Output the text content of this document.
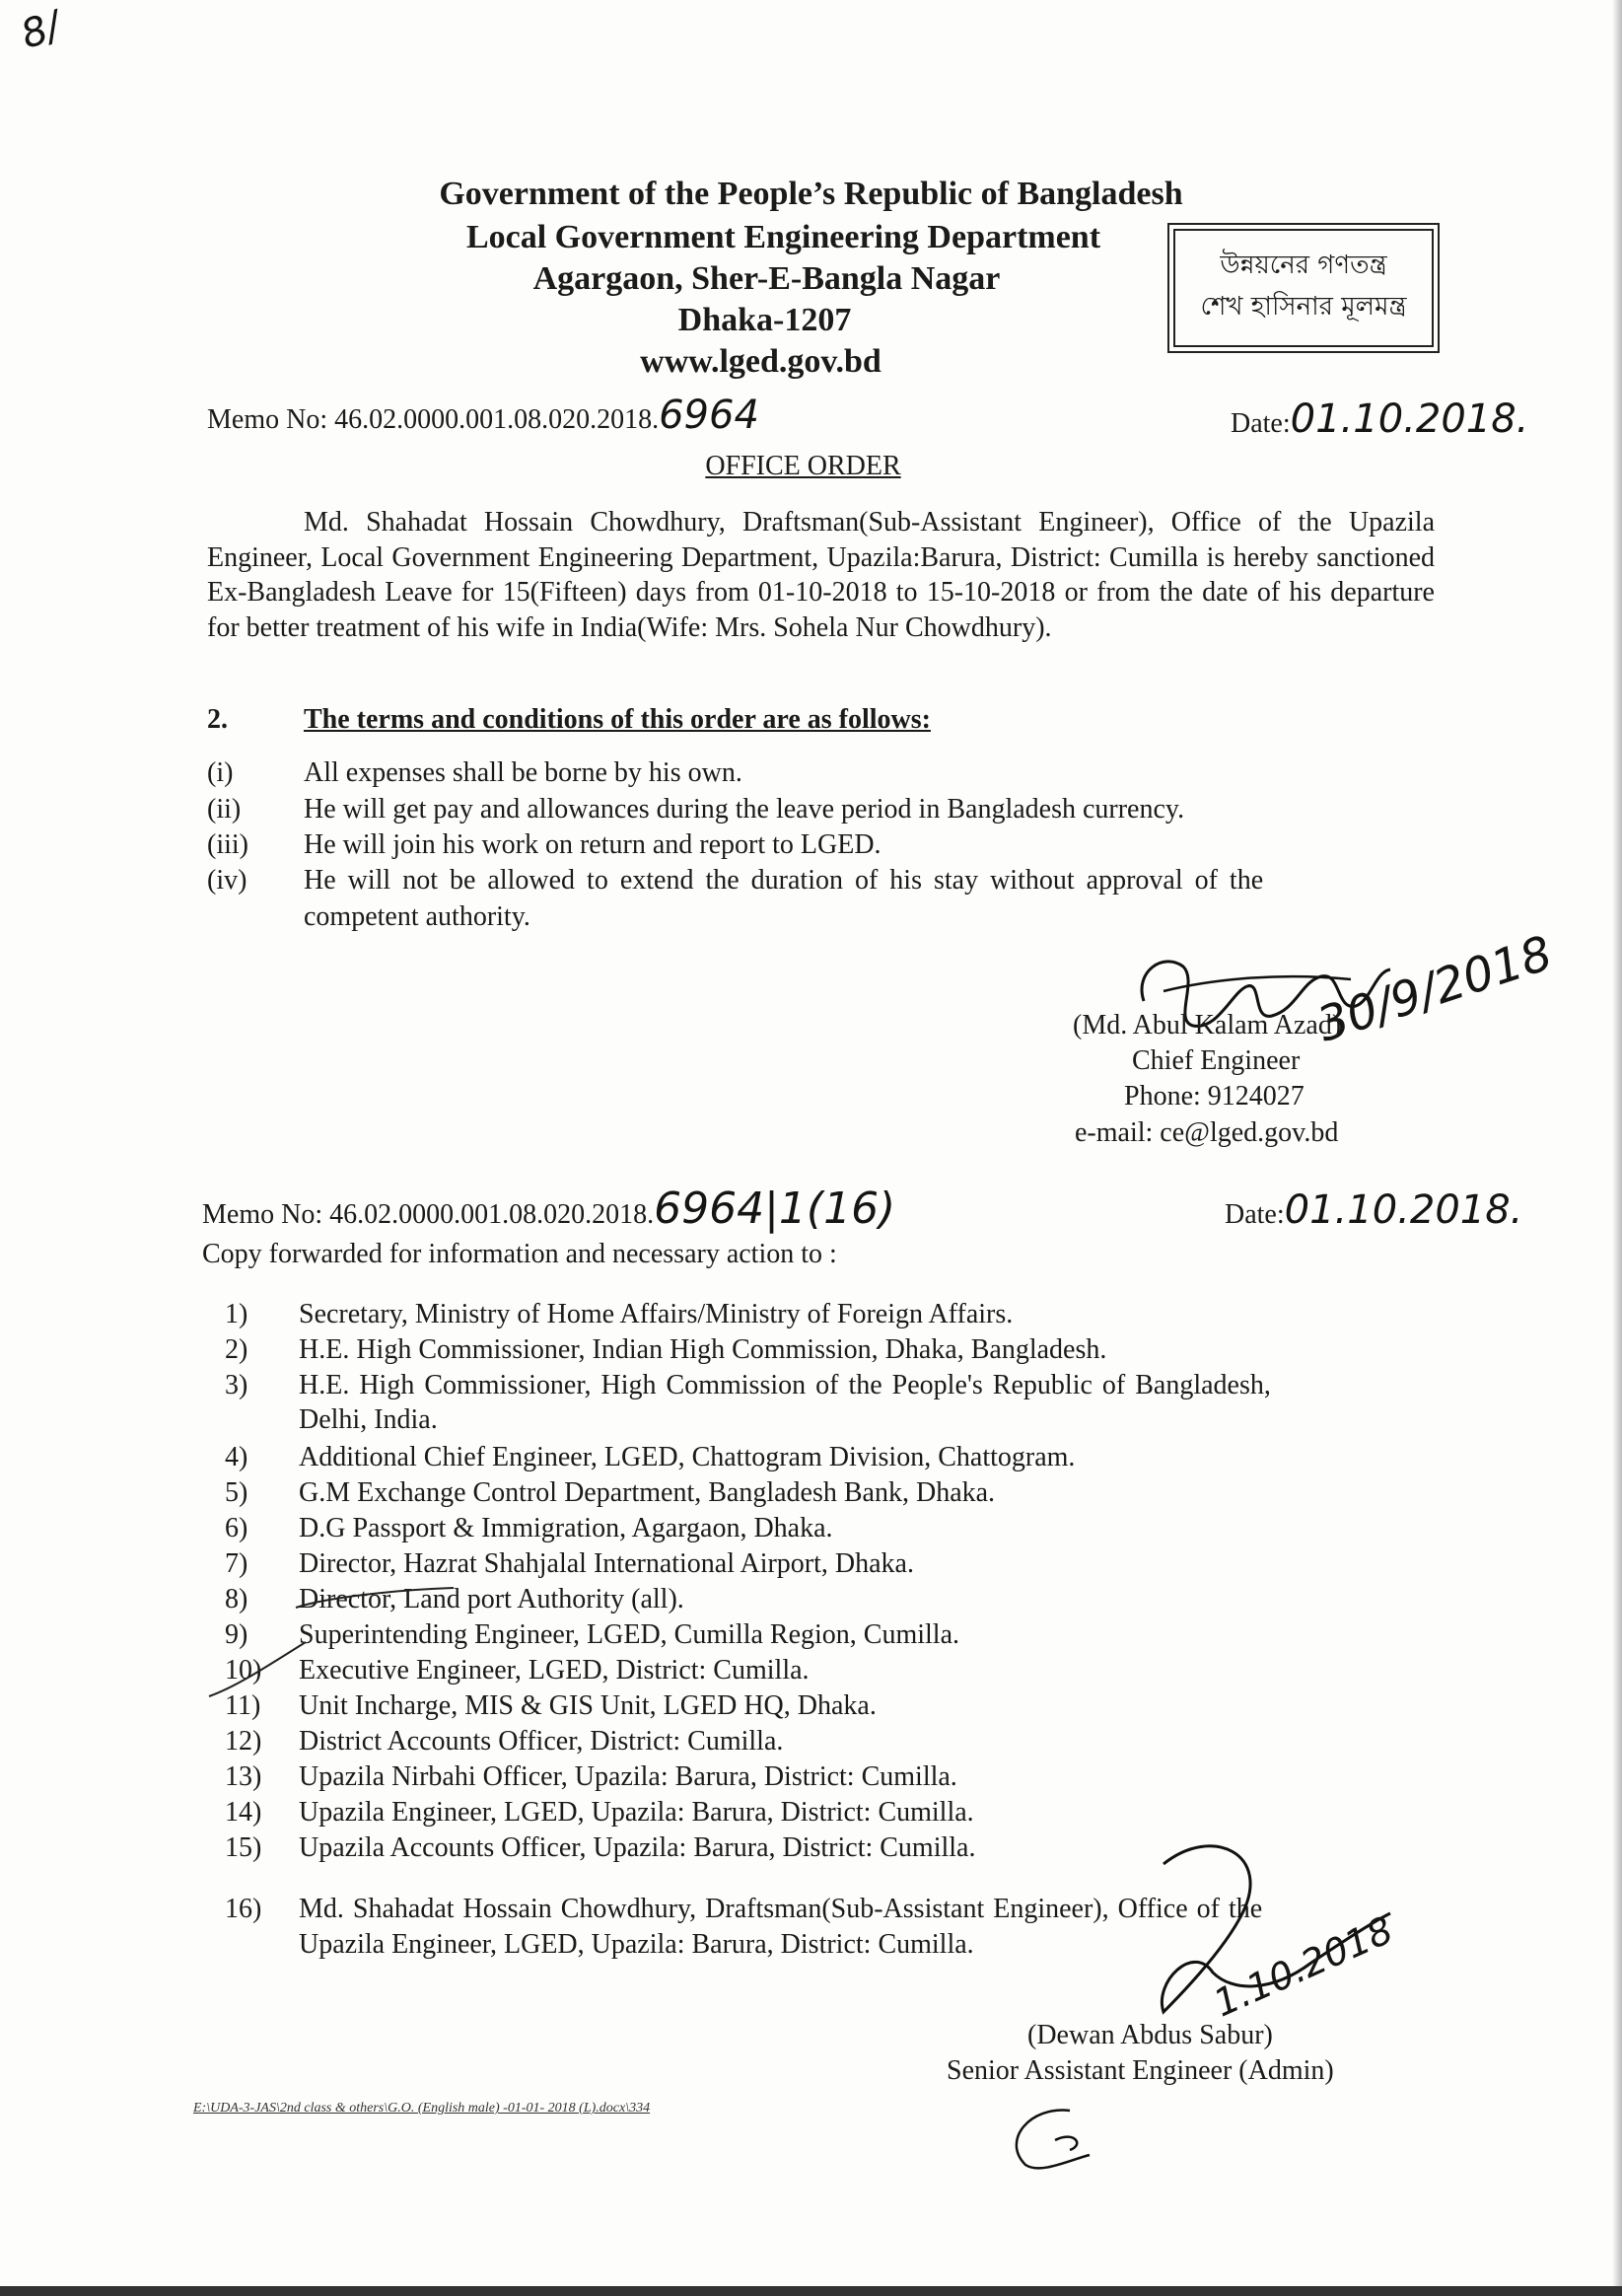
8/
Government of the People’s Republic of Bangladesh
Local Government Engineering Department
Agargaon, Sher-E-Bangla Nagar
Dhaka-1207
www.lged.gov.bd
উন্নয়নের গণতন্ত্র
শেখ হাসিনার মূলমন্ত্র
Memo No: 46.02.0000.001.08.020.2018.6964	Date:01.10.2018.
OFFICE ORDER
Md. Shahadat Hossain Chowdhury, Draftsman(Sub-Assistant Engineer), Office of the Upazila Engineer, Local Government Engineering Department, Upazila:Barura, District: Cumilla is hereby sanctioned Ex-Bangladesh Leave for 15(Fifteen) days from 01-10-2018 to 15-10-2018 or from the date of his departure for better treatment of his wife in India(Wife: Mrs. Sohela Nur Chowdhury).
2.	The terms and conditions of this order are as follows:
(i)	All expenses shall be borne by his own.
(ii) He will get pay and allowances during the leave period in Bangladesh currency.
(iii) He will join his work on return and report to LGED.
(iv) He will not be allowed to extend the duration of his stay without approval of the
competent authority.
30/9/2018
(Md. Abul Kalam Azad)
Chief Engineer
Phone: 9124027
e-mail: ce@lged.gov.bd
Memo No: 46.02.0000.001.08.020.2018.6964|1(16)	Date:01.10.2018.
Copy forwarded for information and necessary action to :
1) Secretary, Ministry of Home Affairs/Ministry of Foreign Affairs.
2) H.E. High Commissioner, Indian High Commission, Dhaka, Bangladesh.
3) H.E. High Commissioner, High Commission of the People's Republic of Bangladesh,
Delhi, India.
4) Additional Chief Engineer, LGED, Chattogram Division, Chattogram.
5) G.M Exchange Control Department, Bangladesh Bank, Dhaka.
6) D.G Passport & Immigration, Agargaon, Dhaka.
7) Director, Hazrat Shahjalal International Airport, Dhaka.
8) Director, Land port Authority (all).
9) Superintending Engineer, LGED, Cumilla Region, Cumilla.
10) Executive Engineer, LGED, District: Cumilla.
11) Unit Incharge, MIS & GIS Unit, LGED HQ, Dhaka.
12) District Accounts Officer, District: Cumilla.
13) Upazila Nirbahi Officer, Upazila: Barura, District: Cumilla.
14) Upazila Engineer, LGED, Upazila: Barura, District: Cumilla.
15) Upazila Accounts Officer, Upazila: Barura, District: Cumilla.
16) Md. Shahadat Hossain Chowdhury, Draftsman(Sub-Assistant Engineer), Office of the
Upazila Engineer, LGED, Upazila: Barura, District: Cumilla.	1.10.2018
(Dewan Abdus Sabur)
Senior Assistant Engineer (Admin)
E:\UDA-3-JAS\2nd class & others\G.O. (English male) -01-01- 2018 (L).docx\334
